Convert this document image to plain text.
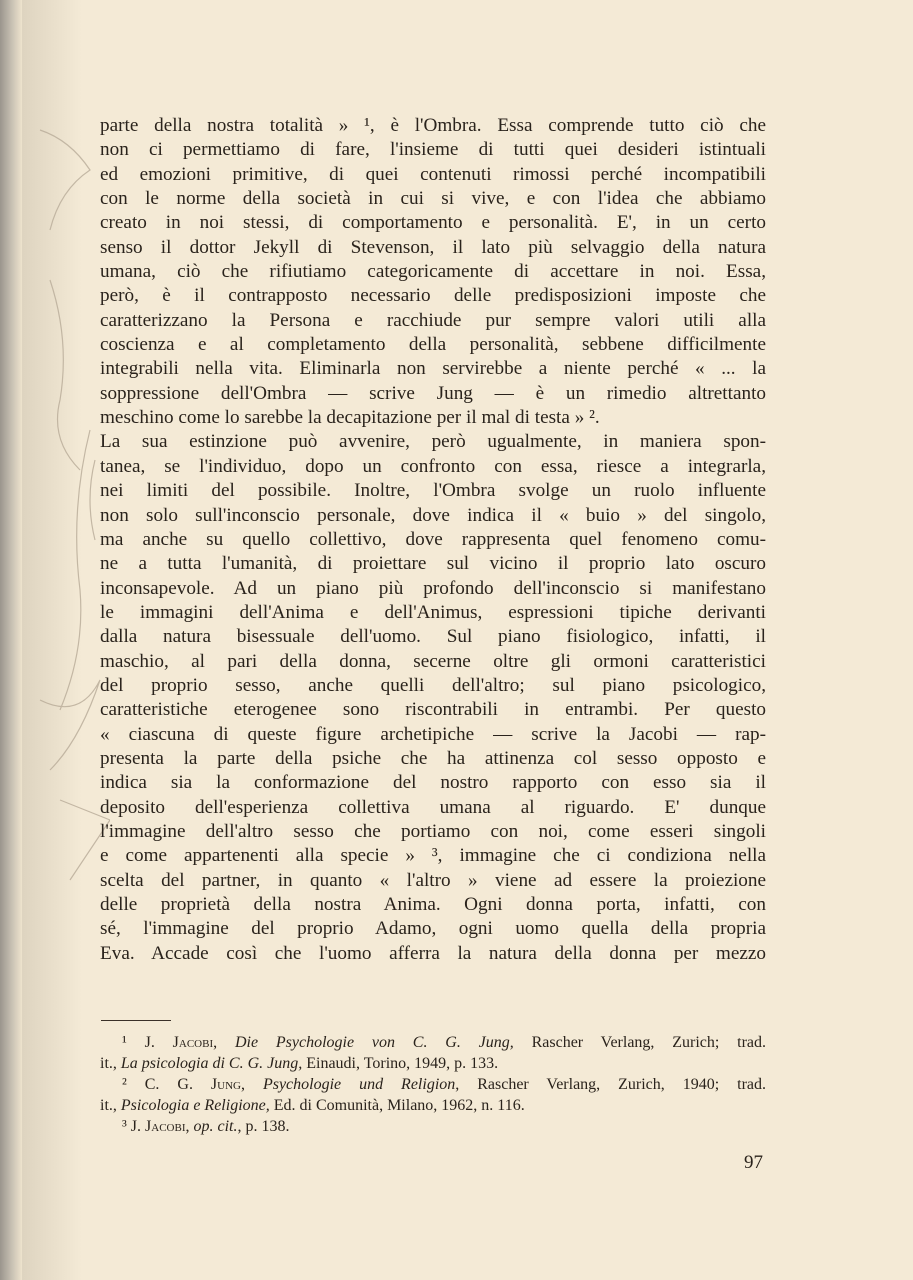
parte della nostra totalità » ¹, è l'Ombra. Essa comprende tutto ciò che
non ci permettiamo di fare, l'insieme di tutti quei desideri istintuali
ed emozioni primitive, di quei contenuti rimossi perché incompatibili
con le norme della società in cui si vive, e con l'idea che abbiamo
creato in noi stessi, di comportamento e personalità. E', in un certo
senso il dottor Jekyll di Stevenson, il lato più selvaggio della natura
umana, ciò che rifiutiamo categoricamente di accettare in noi. Essa,
però, è il contrapposto necessario delle predisposizioni imposte che
caratterizzano la Persona e racchiude pur sempre valori utili alla
coscienza e al completamento della personalità, sebbene difficilmente
integrabili nella vita. Eliminarla non servirebbe a niente perché « ... la
soppressione dell'Ombra — scrive Jung — è un rimedio altrettanto
meschino come lo sarebbe la decapitazione per il mal di testa » ².
La sua estinzione può avvenire, però ugualmente, in maniera spon-
tanea, se l'individuo, dopo un confronto con essa, riesce a integrarla,
nei limiti del possibile. Inoltre, l'Ombra svolge un ruolo influente
non solo sull'inconscio personale, dove indica il « buio » del singolo,
ma anche su quello collettivo, dove rappresenta quel fenomeno comu-
ne a tutta l'umanità, di proiettare sul vicino il proprio lato oscuro
inconsapevole. Ad un piano più profondo dell'inconscio si manifestano
le immagini dell'Anima e dell'Animus, espressioni tipiche derivanti
dalla natura bisessuale dell'uomo. Sul piano fisiologico, infatti, il
maschio, al pari della donna, secerne oltre gli ormoni caratteristici
del proprio sesso, anche quelli dell'altro; sul piano psicologico,
caratteristiche eterogenee sono riscontrabili in entrambi. Per questo
« ciascuna di queste figure archetipiche — scrive la Jacobi — rap-
presenta la parte della psiche che ha attinenza col sesso opposto e
indica sia la conformazione del nostro rapporto con esso sia il
deposito dell'esperienza collettiva umana al riguardo. E' dunque
l'immagine dell'altro sesso che portiamo con noi, come esseri singoli
e come appartenenti alla specie » ³, immagine che ci condiziona nella
scelta del partner, in quanto « l'altro » viene ad essere la proiezione
delle proprietà della nostra Anima. Ogni donna porta, infatti, con
sé, l'immagine del proprio Adamo, ogni uomo quella della propria
Eva. Accade così che l'uomo afferra la natura della donna per mezzo
¹ J. Jacobi, Die Psychologie von C. G. Jung, Rascher Verlang, Zurich; trad.
it., La psicologia di C. G. Jung, Einaudi, Torino, 1949, p. 133.
² C. G. Jung, Psychologie und Religion, Rascher Verlang, Zurich, 1940; trad.
it., Psicologia e Religione, Ed. di Comunità, Milano, 1962, n. 116.
³ J. Jacobi, op. cit., p. 138.
97
